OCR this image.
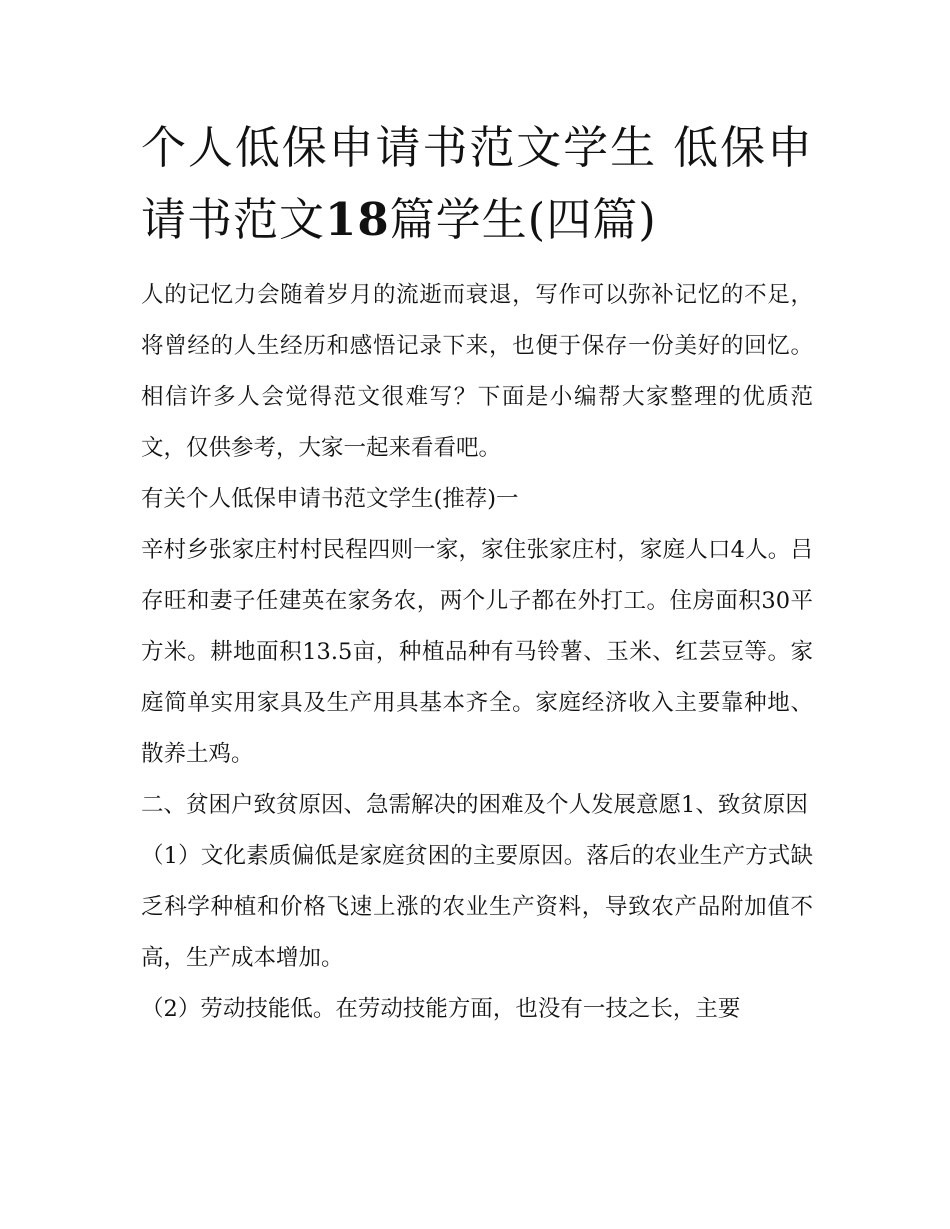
个人低保申请书范文学生 低保申请书范文18篇学生(四篇)

人的记忆力会随着岁月的流逝而衰退，写作可以弥补记忆的不足，将曾经的人生经历和感悟记录下来，也便于保存一份美好的回忆。相信许多人会觉得范文很难写？下面是小编帮大家整理的优质范文，仅供参考，大家一起来看看吧。

有关个人低保申请书范文学生(推荐)一

辛村乡张家庄村村民程四则一家，家住张家庄村，家庭人口4人。吕存旺和妻子任建英在家务农，两个儿子都在外打工。住房面积30平方米。耕地面积13.5亩，种植品种有马铃薯、玉米、红芸豆等。家庭简单实用家具及生产用具基本齐全。家庭经济收入主要靠种地、散养土鸡。

二、贫困户致贫原因、急需解决的困难及个人发展意愿1、致贫原因

（1）文化素质偏低是家庭贫困的主要原因。落后的农业生产方式缺乏科学种植和价格飞速上涨的农业生产资料，导致农产品附加值不高，生产成本增加。

（2）劳动技能低。在劳动技能方面，也没有一技之长，主要
